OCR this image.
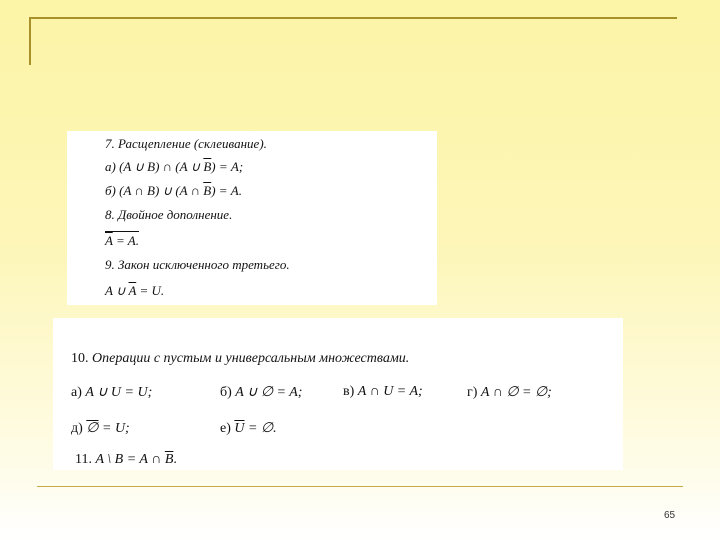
7. Расщепление (склеивание).
а) (A ∪ B) ∩ (A ∪ $\overline{B}) = A$;
б) (A ∩ B) ∪ (A ∩ $\overline{B}) = A$.
8. Двойное дополнение.
$\overline{A} = A$.
9. Закон исключенного третьего.
A ∪ $\overline{A} = U$.
10. Операции с пустым и универсальным множествами.
а) A ∪ U = U;	б) A ∪ ∅ = A;	в) A ∩ U = A;	г) A ∩ ∅ = ∅;
д) ∅ = U;	е) $\overline{U}$ = ∅.
11. A \ B = A ∩ $\overline{B}$.
65
